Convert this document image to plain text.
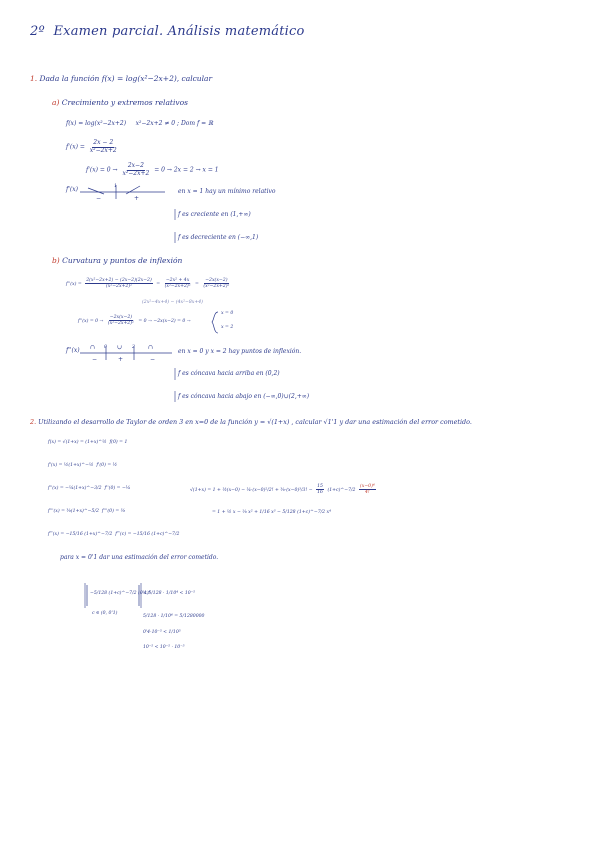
2º Examen parcial. Análisis matemático
1. Dada la función f(x) = log(x²−2x+2), calcular
a) Crecimiento y extremos relativos
f(x) = log(x²−2x+2) x²−2x+2 ≠ 0 ; Dom f = ℝ
$f'(x) = \frac{2x - 2}{\text{x²−2x+2}}$
$f'(x) = 0 \to \frac{2x-2}{\text{x²−2x+2}} = 0 \to 2x = 2 \to x = 1$
f'(x)	1
−	+
en x = 1 hay un mínimo relativo
f es creciente en (1,+∞)
f es decreciente en (−∞,1)
b) Curvatura y puntos de inflexión
$f''(x) = \frac{\text{2(x²−2x+2) − (2x−2)(2x−2)}}{\text{(x²−2x+2)²}} = \frac{\text{−2x² + 4x}}{\text{(x²−2x+2)²}} = \frac{-2x(x-2)}{\text{(x²−2x+2)²}}$
(2x²−4x+4) − (4x²−8x+4)
$f''(x) = 0 \to \frac{-2x(x-2)}{\text{(x²−2x+2)²}} = 0 \to -2x(x-2) = 0$ →
x = 0
x = 2
f''(x)	0	2
∩	∪	∩
−	+	−
en x = 0 y x = 2 hay puntos de inflexión.
f es cóncava hacia arriba en (0,2)
f es cóncava hacia abajo en (−∞,0)∪(2,+∞)
2. Utilizando el desarrollo de Taylor de orden 3 en x=0 de la función y = √(1+x) , calcular √1'1 y dar una estimación del error cometido.
f(x) = √(1+x) = (1+x)^½ f(0) = 1
f'(x) = ½(1+x)^−½ f'(0) = ½
f''(x) = −¼(1+x)^−3/2 f''(0) = −¼
f'''(x) = ⅜(1+x)^−5/2 f'''(0) = ⅜
f⁗(x) = −15/16 (1+x)^−7/2 f⁗(c) = −15/16 (1+c)^−7/2
√(1+x) = 1 + ½(x−0) − ¼·(x−0)²/2! + ⅜·(x−0)³/3! − $\frac{15}{16}$ (1+c)^−7/2 $\frac{\text{(x−0)⁴}}{4!}$
= 1 + ½ x − ⅛ x² + 1/16 x³ − 5/128 (1+c)^−7/2 x⁴
para x = 0'1 dar una estimación del error cometido.
−5/128 (1+c)^−7/2 (0'1)⁴
≤ 5/128 · 1/10⁴ < 10⁻⁵
c ∈ (0, 0'1)
5/128 · 1/10⁴ = 5/1280000
0'4·10⁻⁵ < 1/10⁵
10⁻⁵ < 10⁻⁵ · 10⁻⁵
